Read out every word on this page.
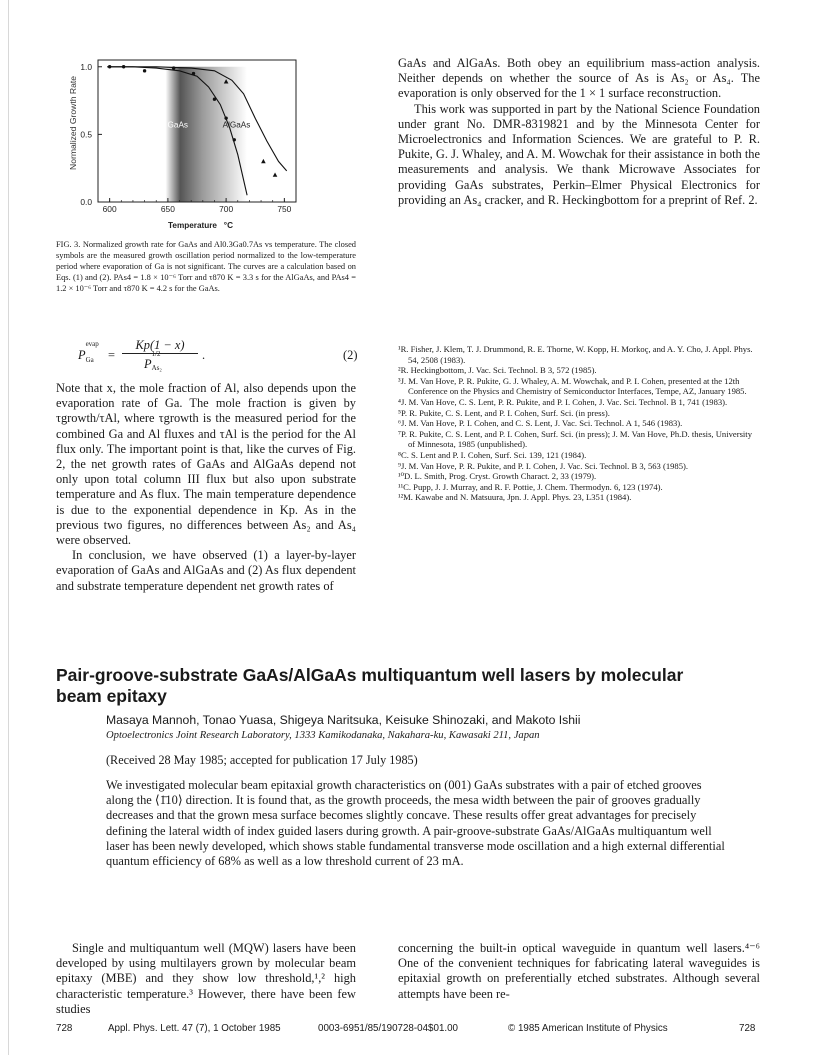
GaAs	AlGaAs
600	650	700	750
0.0
0.5
1.0
Normalized Growth Rate
Temperature   °C
FIG. 3. Normalized growth rate for GaAs and Al0.3Ga0.7As vs temperature. The closed symbols are the measured growth oscillation period normalized to the low-temperature period where evaporation of Ga is not significant. The curves are a calculation based on Eqs. (1) and (2). PAs4 = 1.8 × 10⁻⁶ Torr and τ870 K = 3.3 s for the AlGaAs, and PAs4 = 1.2 × 10⁻⁶ Torr and τ870 K = 4.2 s for the GaAs.

GaAs and AlGaAs. Both obey an equilibrium mass-action analysis. Neither depends on whether the source of As is As₂ or As₄. The evaporation is only observed for the 1 × 1 surface reconstruction.

This work was supported in part by the National Science Foundation under grant No. DMR-8319821 and by the Minnesota Center for Microelectronics and Information Sciences. We are grateful to P. R. Pukite, G. J. Whaley, and A. M. Wowchak for their assistance in both the measurements and analysis. We thank Microwave Associates for providing GaAs substrates, Perkin–Elmer Physical Electronics for providing an As₄ cracker, and R. Heckingbottom for a preprint of Ref. 2.

P
evap
Ga =
Kp(1 − x)
P
1/2
As₂
.	(2)

Note that x, the mole fraction of Al, also depends upon the evaporation rate of Ga. The mole fraction is given by τgrowth/τAl, where τgrowth is the measured period for the combined Ga and Al fluxes and τAl is the period for the Al flux only. The important point is that, like the curves of Fig. 2, the net growth rates of GaAs and AlGaAs depend not only upon total column III flux but also upon substrate temperature and As flux. The main temperature dependence is due to the exponential dependence in Kp. As in the previous two figures, no differences between As₂ and As₄ were observed.

In conclusion, we have observed (1) a layer-by-layer evaporation of GaAs and AlGaAs and (2) As flux dependent and substrate temperature dependent net growth rates of

¹R. Fisher, J. Klem, T. J. Drummond, R. E. Thorne, W. Kopp, H. Morkoç, and A. Y. Cho, J. Appl. Phys. 54, 2508 (1983).

²R. Heckingbottom, J. Vac. Sci. Technol. B 3, 572 (1985).

³J. M. Van Hove, P. R. Pukite, G. J. Whaley, A. M. Wowchak, and P. I. Cohen, presented at the 12th Conference on the Physics and Chemistry of Semiconductor Interfaces, Tempe, AZ, January 1985.

⁴J. M. Van Hove, C. S. Lent, P. R. Pukite, and P. I. Cohen, J. Vac. Sci. Technol. B 1, 741 (1983).

⁵P. R. Pukite, C. S. Lent, and P. I. Cohen, Surf. Sci. (in press).

⁶J. M. Van Hove, P. I. Cohen, and C. S. Lent, J. Vac. Sci. Technol. A 1, 546 (1983).

⁷P. R. Pukite, C. S. Lent, and P. I. Cohen, Surf. Sci. (in press); J. M. Van Hove, Ph.D. thesis, University of Minnesota, 1985 (unpublished).

⁸C. S. Lent and P. I. Cohen, Surf. Sci. 139, 121 (1984).

⁹J. M. Van Hove, P. R. Pukite, and P. I. Cohen, J. Vac. Sci. Technol. B 3, 563 (1985).

¹⁰D. L. Smith, Prog. Cryst. Growth Charact. 2, 33 (1979).

¹¹C. Pupp, J. J. Murray, and R. F. Pottie, J. Chem. Thermodyn. 6, 123 (1974).

¹²M. Kawabe and N. Matsuura, Jpn. J. Appl. Phys. 23, L351 (1984).

Pair-groove-substrate GaAs/AlGaAs multiquantum well lasers by molecular
beam epitaxy
Masaya Mannoh, Tonao Yuasa, Shigeya Naritsuka, Keisuke Shinozaki, and Makoto Ishii
Optoelectronics Joint Research Laboratory, 1333 Kamikodanaka, Nakahara-ku, Kawasaki 211, Japan
(Received 28 May 1985; accepted for publication 17 July 1985)
We investigated molecular beam epitaxial growth characteristics on (001) GaAs substrates with a pair of etched grooves along the ⟨1̄10⟩ direction. It is found that, as the growth proceeds, the mesa width between the pair of grooves gradually decreases and that the grown mesa surface becomes slightly concave. These results offer great advantages for precisely defining the lateral width of index guided lasers during growth. A pair-groove-substrate GaAs/AlGaAs multiquantum well laser has been newly developed, which shows stable fundamental transverse mode oscillation and a high external differential quantum efficiency of 68% as well as a low threshold current of 23 mA.
Single and multiquantum well (MQW) lasers have been developed by using multilayers grown by molecular beam epitaxy (MBE) and they show low threshold,¹,² high characteristic temperature.³ However, there have been few studies
concerning the built-in optical waveguide in quantum well lasers.⁴⁻⁶ One of the convenient techniques for fabricating lateral waveguides is epitaxial growth on preferentially etched substrates. Although several attempts have been re-
728	Appl. Phys. Lett. 47 (7), 1 October 1985	0003-6951/85/190728-04$01.00	© 1985 American Institute of Physics	728
